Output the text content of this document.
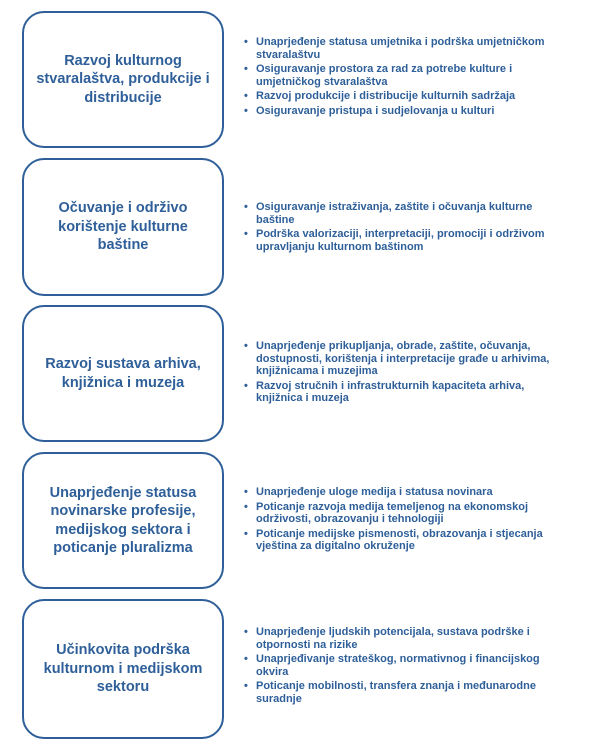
Razvoj kulturnog stvaralaštva, produkcije i distribucije
• Unaprjeđenje statusa umjetnika i podrška umjetničkom stvaralaštvu
• Osiguravanje prostora za rad za potrebe kulture i umjetničkog stvaralaštva
• Razvoj produkcije i distribucije kulturnih sadržaja
• Osiguravanje pristupa i sudjelovanja u kulturi
Očuvanje i održivo korištenje kulturne baštine
• Osiguravanje istraživanja, zaštite i očuvanja kulturne baštine
• Podrška valorizaciji, interpretaciji, promociji i održivom upravljanju kulturnom baštinom
Razvoj sustava arhiva, knjižnica i muzeja
• Unaprjeđenje prikupljanja, obrade, zaštite, očuvanja, dostupnosti, korištenja i interpretacije građe u arhivima, knjižnicama i muzejima
• Razvoj stručnih i infrastrukturnih kapaciteta arhiva, knjižnica i muzeja
Unaprjeđenje statusa novinarske profesije, medijskog sektora i poticanje pluralizma
• Unaprjeđenje uloge medija i statusa novinara
• Poticanje razvoja medija temeljenog na ekonomskoj održivosti, obrazovanju i tehnologiji
• Poticanje medijske pismenosti, obrazovanja i stjecanja vještina za digitalno okruženje
Učinkovita podrška kulturnom i medijskom sektoru
• Unaprjeđenje ljudskih potencijala, sustava podrške i otpornosti na rizike
• Unaprjeđivanje strateškog, normativnog i financijskog okvira
• Poticanje mobilnosti, transfera znanja i međunarodne suradnje
